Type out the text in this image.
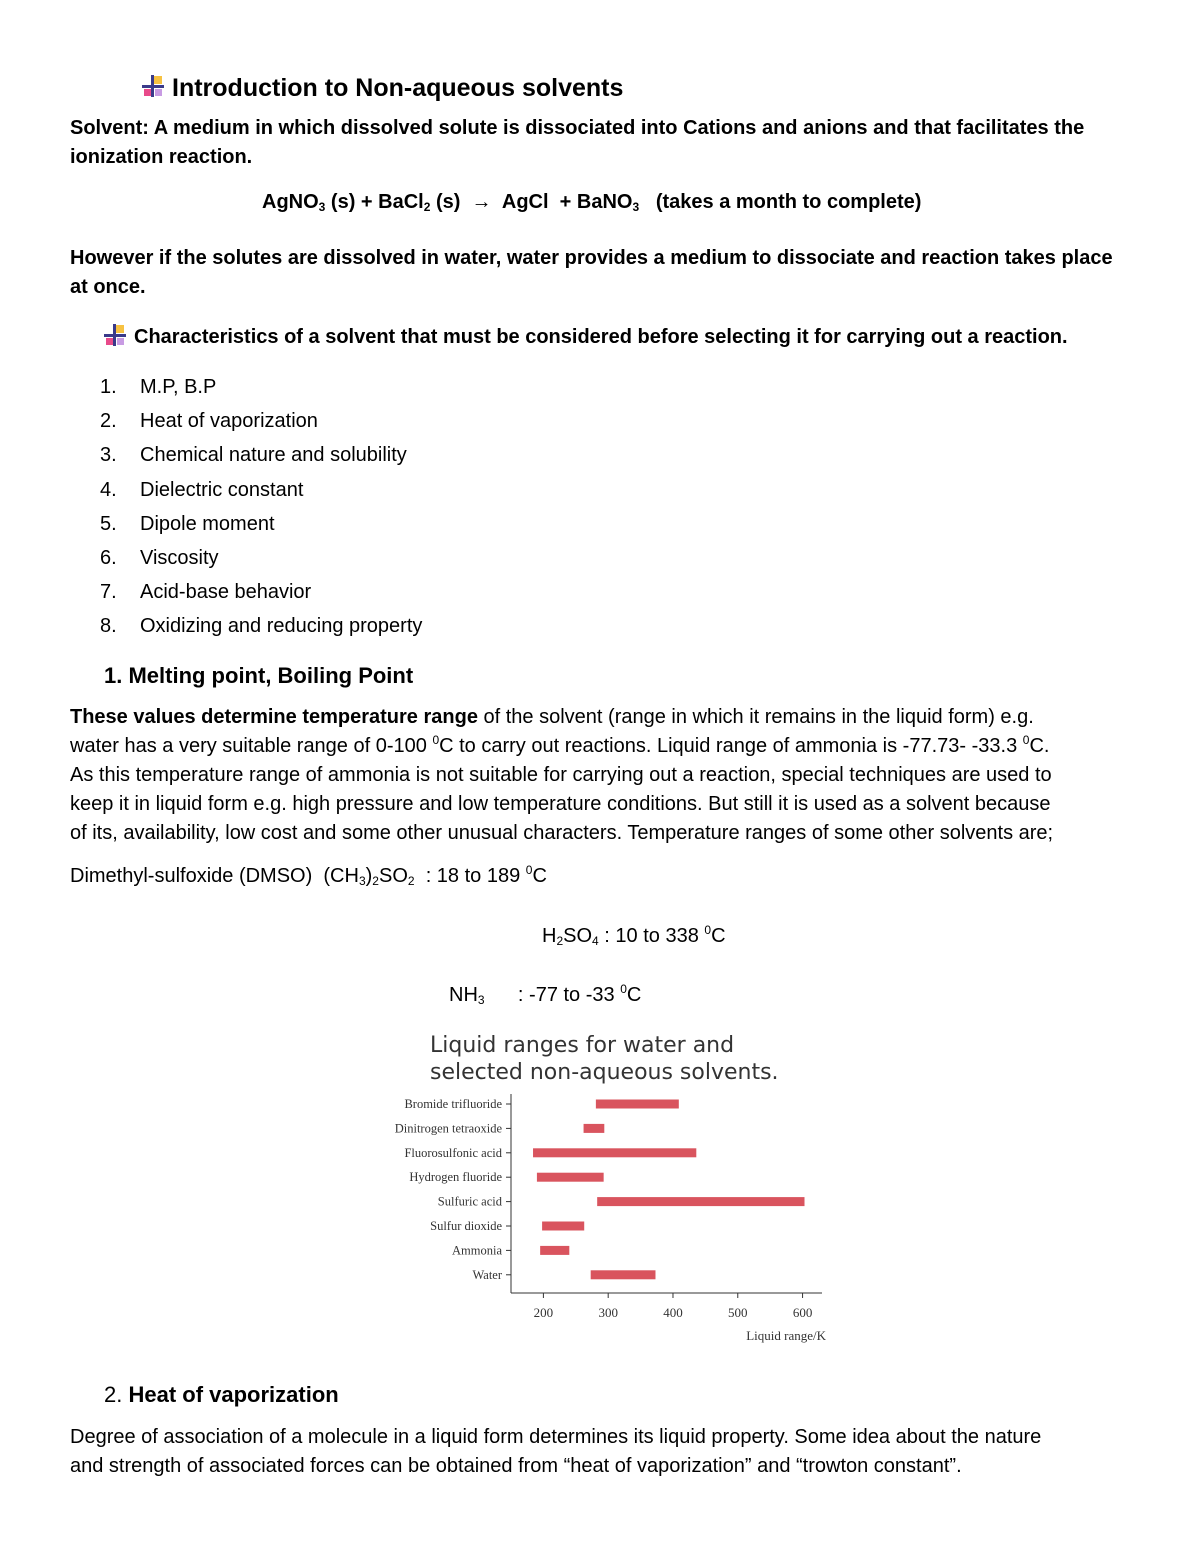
Introduction to Non-aqueous solvents
Solvent: A medium in which dissolved solute is dissociated into Cations and anions and that facilitates the
ionization reaction.
AgNO$_3$ (s) + BaCl$_2$ (s)  →  AgCl  + BaNO$_3$   (takes a month to complete)
However if the solutes are dissolved in water, water provides a medium to dissociate and reaction takes place
at once.
Characteristics of a solvent that must be considered before selecting it for carrying out a reaction.
1. M.P, B.P
2. Heat of vaporization
3. Chemical nature and solubility
4. Dielectric constant
5. Dipole moment
6. Viscosity
7. Acid-base behavior
8. Oxidizing and reducing property
1. Melting point, Boiling Point
These values determine temperature range of the solvent (range in which it remains in the liquid form) e.g.
water has a very suitable range of 0-100 $^0$C to carry out reactions. Liquid range of ammonia is -77.73- -33.3 $^0$C.
As this temperature range of ammonia is not suitable for carrying out a reaction, special techniques are used to
keep it in liquid form e.g. high pressure and low temperature conditions. But still it is used as a solvent because
of its, availability, low cost and some other unusual characters. Temperature ranges of some other solvents are;
Dimethyl-sulfoxide (DMSO)  $(CH_3)_2SO_2$  : 18 to 189 $^0$C
$H_2SO_4$ : 10 to 338 $^0$C
$NH_3$      : -77 to -33 $^0$C
Liquid ranges for water and
selected non-aqueous solvents.
Bromide trifluoride
Dinitrogen tetraoxide
Fluorosulfonic acid
Hydrogen fluoride
Sulfuric acid
Sulfur dioxide
Ammonia
Water
200	300	400	500	600
Liquid range/K
2. Heat of vaporization
Degree of association of a molecule in a liquid form determines its liquid property. Some idea about the nature
and strength of associated forces can be obtained from “heat of vaporization” and “trowton constant”.
